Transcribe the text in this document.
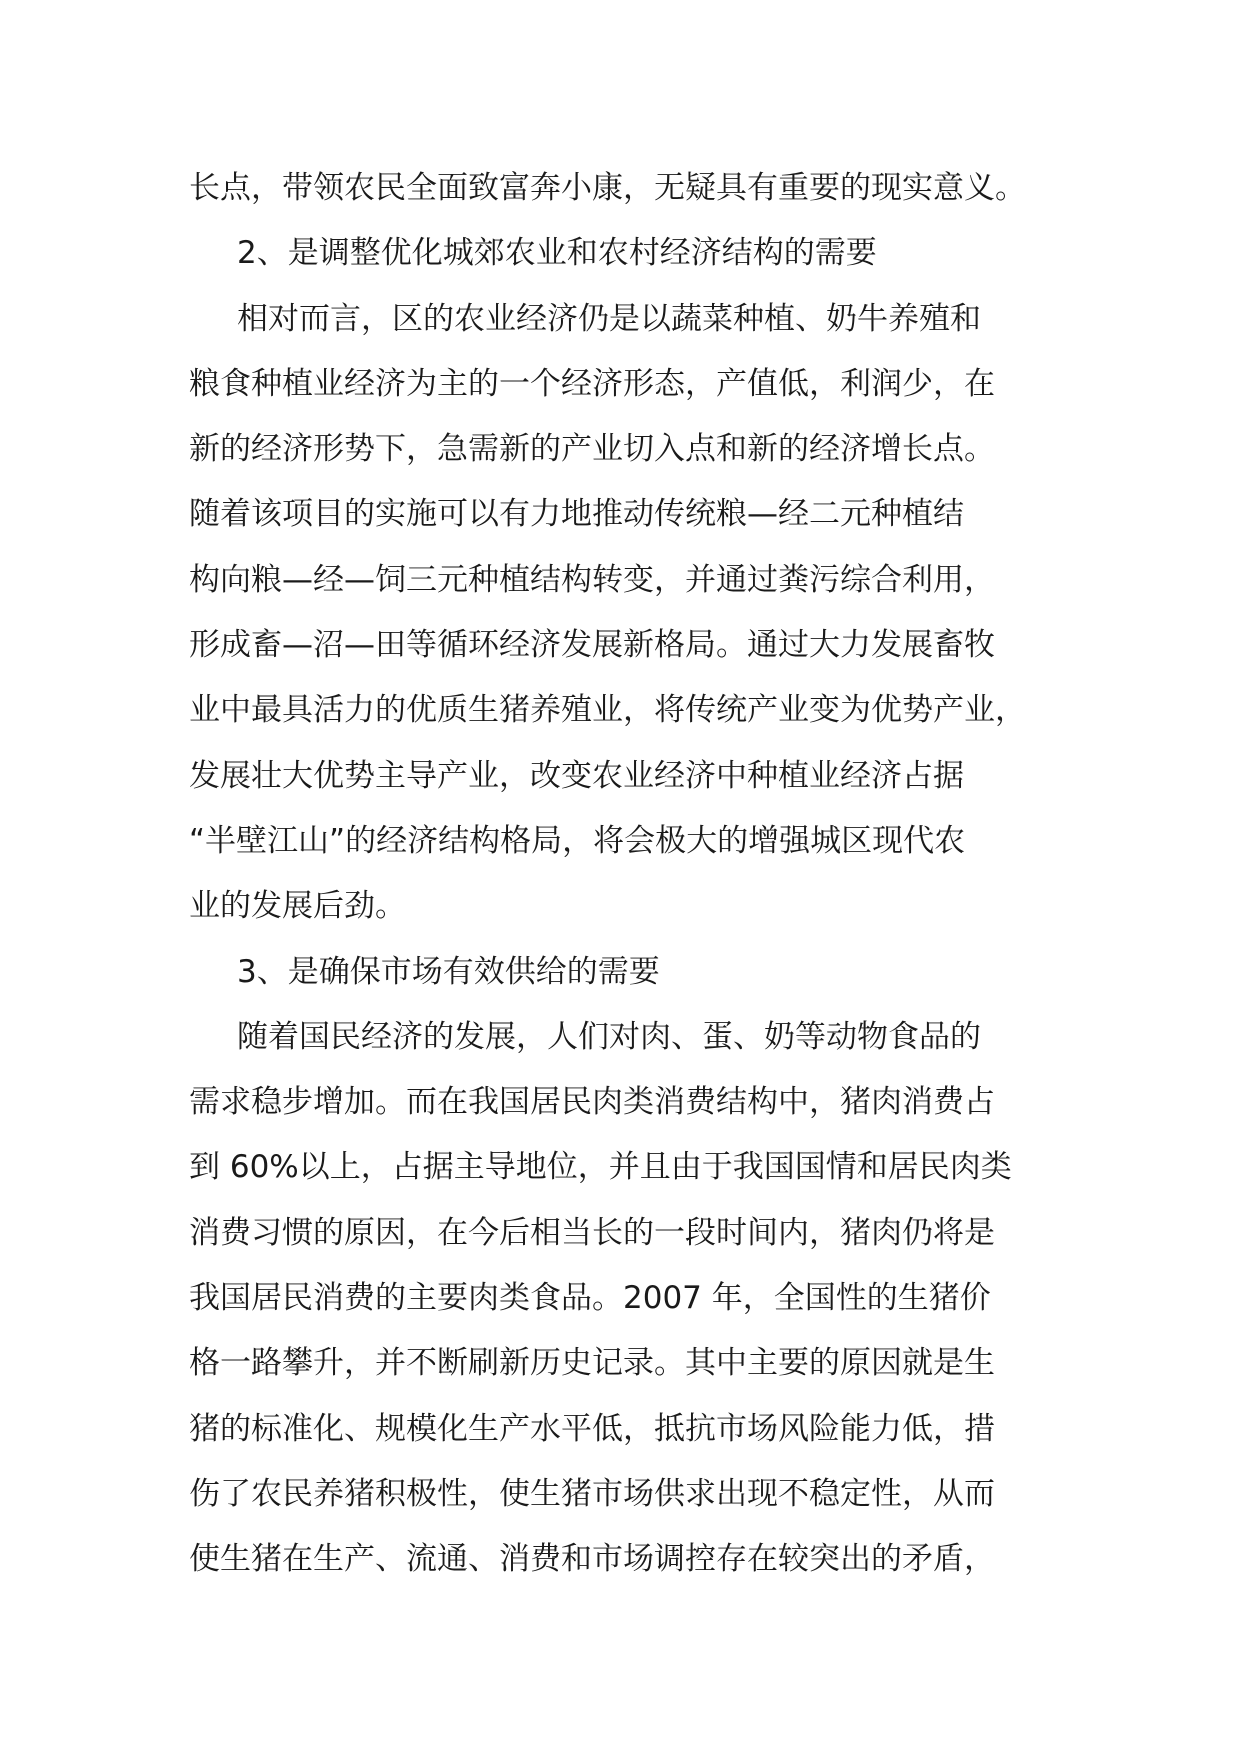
长点，带领农民全面致富奔小康，无疑具有重要的现实意义。
2、是调整优化城郊农业和农村经济结构的需要
相对而言，区的农业经济仍是以蔬菜种植、奶牛养殖和
粮食种植业经济为主的一个经济形态，产值低，利润少，在
新的经济形势下，急需新的产业切入点和新的经济增长点。
随着该项目的实施可以有力地推动传统粮—经二元种植结
构向粮—经—饲三元种植结构转变，并通过粪污综合利用，
形成畜—沼—田等循环经济发展新格局。通过大力发展畜牧
业中最具活力的优质生猪养殖业，将传统产业变为优势产业，
发展壮大优势主导产业，改变农业经济中种植业经济占据
“半壁江山”的经济结构格局，将会极大的增强城区现代农
业的发展后劲。
3、是确保市场有效供给的需要
随着国民经济的发展，人们对肉、蛋、奶等动物食品的
需求稳步增加。而在我国居民肉类消费结构中，猪肉消费占
到 60%以上，占据主导地位，并且由于我国国情和居民肉类
消费习惯的原因，在今后相当长的一段时间内，猪肉仍将是
我国居民消费的主要肉类食品。2007 年，全国性的生猪价
格一路攀升，并不断刷新历史记录。其中主要的原因就是生
猪的标准化、规模化生产水平低，抵抗市场风险能力低，措
伤了农民养猪积极性，使生猪市场供求出现不稳定性，从而
使生猪在生产、流通、消费和市场调控存在较突出的矛盾，
